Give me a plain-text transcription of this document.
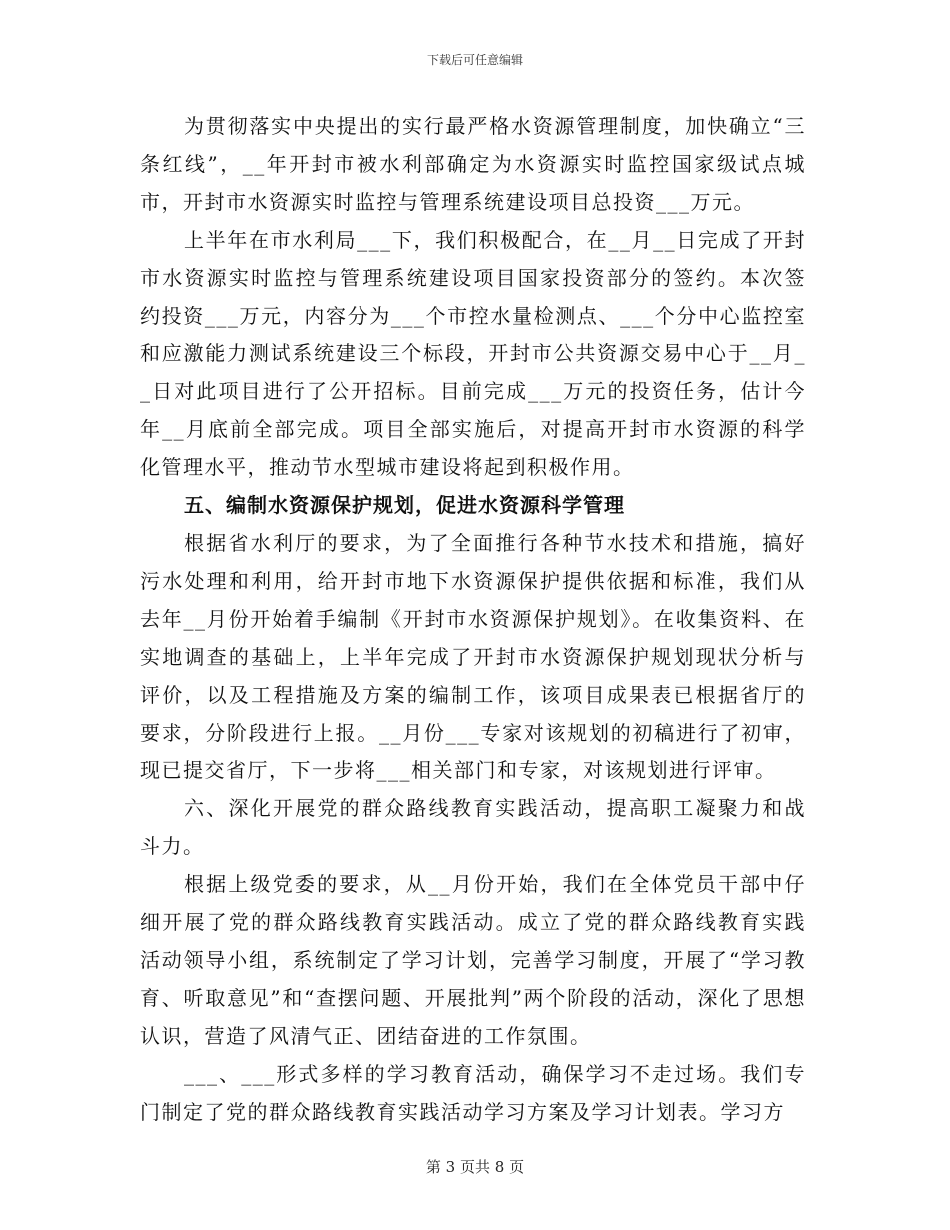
下载后可任意编辑

为贯彻落实中央提出的实行最严格水资源管理制度，加快确立“三条红线”，__年开封市被水利部确定为水资源实时监控国家级试点城市，开封市水资源实时监控与管理系统建设项目总投资___万元。

上半年在市水利局___下，我们积极配合，在__月__日完成了开封市水资源实时监控与管理系统建设项目国家投资部分的签约。本次签约投资___万元，内容分为___个市控水量检测点、___个分中心监控室和应激能力测试系统建设三个标段，开封市公共资源交易中心于__月__日对此项目进行了公开招标。目前完成___万元的投资任务，估计今年__月底前全部完成。项目全部实施后，对提高开封市水资源的科学化管理水平，推动节水型城市建设将起到积极作用。

五、编制水资源保护规划，促进水资源科学管理

根据省水利厅的要求，为了全面推行各种节水技术和措施，搞好污水处理和利用，给开封市地下水资源保护提供依据和标准，我们从去年__月份开始着手编制《开封市水资源保护规划》。在收集资料、在实地调查的基础上，上半年完成了开封市水资源保护规划现状分析与评价，以及工程措施及方案的编制工作，该项目成果表已根据省厅的要求，分阶段进行上报。__月份___专家对该规划的初稿进行了初审，现已提交省厅，下一步将___相关部门和专家，对该规划进行评审。

六、深化开展党的群众路线教育实践活动，提高职工凝聚力和战斗力。

根据上级党委的要求，从__月份开始，我们在全体党员干部中仔细开展了党的群众路线教育实践活动。成立了党的群众路线教育实践活动领导小组，系统制定了学习计划，完善学习制度，开展了“学习教育、听取意见”和“查摆问题、开展批判”两个阶段的活动，深化了思想认识，营造了风清气正、团结奋进的工作氛围。

___、___形式多样的学习教育活动，确保学习不走过场。我们专门制定了党的群众路线教育实践活动学习方案及学习计划表。学习方

第 3 页共 8 页
